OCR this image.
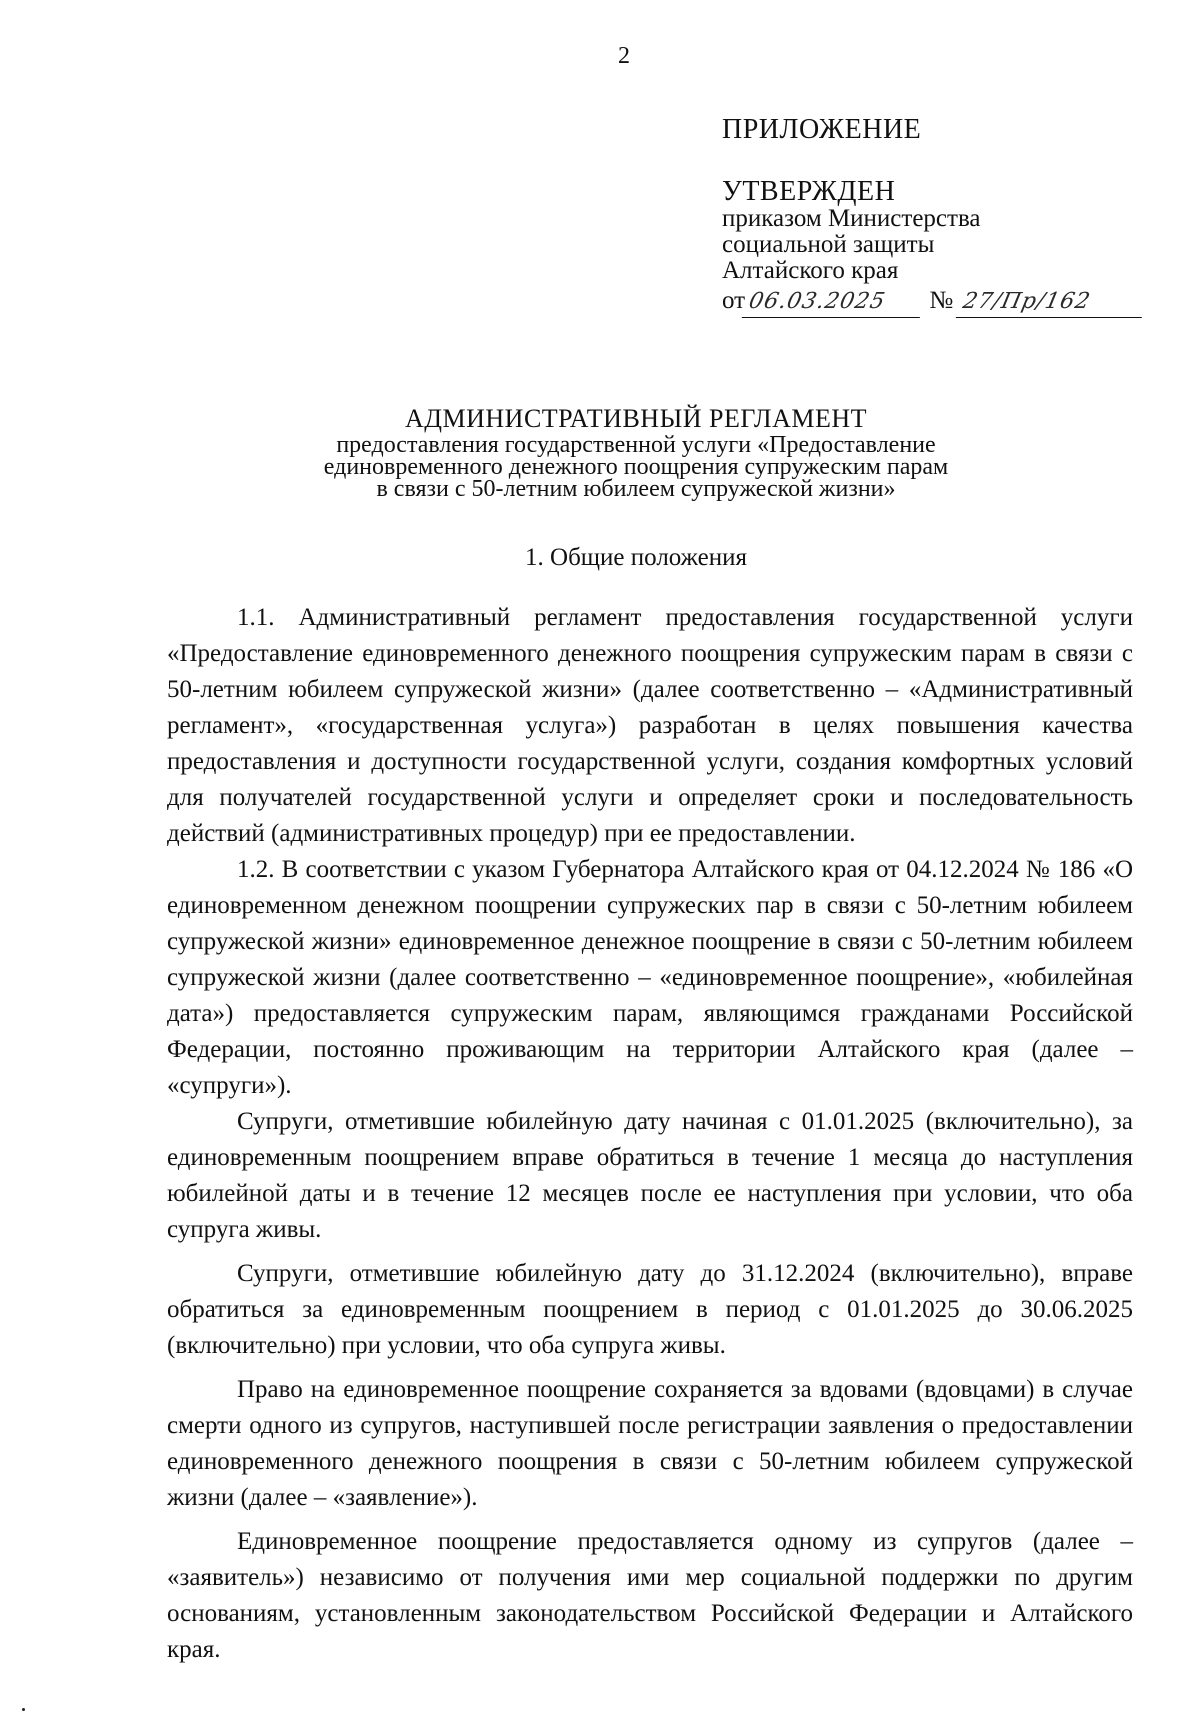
2
ПРИЛОЖЕНИЕ
УТВЕРЖДЕН
приказом Министерства
социальной защиты
Алтайского края
от06.03.2025 № 27/Пр/162
АДМИНИСТРАТИВНЫЙ РЕГЛАМЕНТ
предоставления государственной услуги «Предоставление
единовременного денежного поощрения супружеским парам
в связи с 50-летним юбилеем супружеской жизни»
1. Общие положения

1.1. Административный регламент предоставления государственной услуги «Предоставление единовременного денежного поощрения супружеским парам в связи с 50-летним юбилеем супружеской жизни» (далее соответственно – «Административный регламент», «государственная услуга») разработан в целях повышения качества предоставления и доступности государственной услуги, создания комфортных условий для получателей государственной услуги и определяет сроки и последовательность действий (административных процедур) при ее предоставлении.

1.2. В соответствии с указом Губернатора Алтайского края от 04.12.2024 № 186 «О единовременном денежном поощрении супружеских пар в связи с 50-летним юбилеем супружеской жизни» единовременное денежное поощрение в связи с 50-летним юбилеем супружеской жизни (далее соответственно – «единовременное поощрение», «юбилейная дата») предоставляется супружеским парам, являющимся гражданами Российской Федерации, постоянно проживающим на территории Алтайского края (далее – «супруги»).

Супруги, отметившие юбилейную дату начиная с 01.01.2025 (включительно), за единовременным поощрением вправе обратиться в течение 1 месяца до наступления юбилейной даты и в течение 12 месяцев после ее наступления при условии, что оба супруга живы.

Супруги, отметившие юбилейную дату до 31.12.2024 (включительно), вправе обратиться за единовременным поощрением в период с 01.01.2025 до 30.06.2025 (включительно) при условии, что оба супруга живы.

Право на единовременное поощрение сохраняется за вдовами (вдовцами) в случае смерти одного из супругов, наступившей после регистрации заявления о предоставлении единовременного денежного поощрения в связи с 50-летним юбилеем супружеской жизни (далее – «заявление»).

Единовременное поощрение предоставляется одному из супругов (далее – «заявитель») независимо от получения ими мер социальной поддержки по другим основаниям, установленным законодательством Российской Федерации и Алтайского края.
